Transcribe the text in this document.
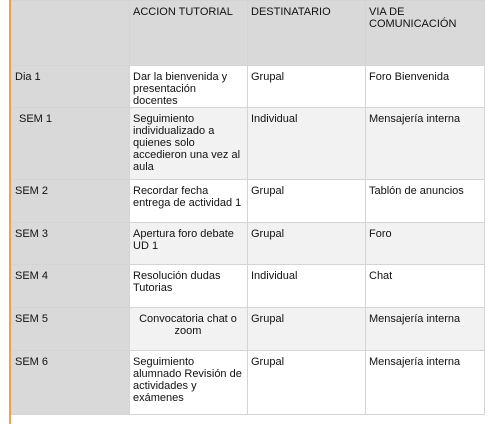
	ACCION TUTORIAL	DESTINATARIO	VIA DE COMUNICACIÓN
Dia 1	Dar la bienvenida y presentación docentes	Grupal	Foro Bienvenida
SEM 1	Seguimiento individualizado a quienes solo accedieron una vez al aula	Individual	Mensajería interna
SEM 2	Recordar fecha entrega de actividad 1	Grupal	Tablón de anuncios
SEM 3	Apertura foro debate UD 1	Grupal	Foro
SEM 4	Resolución dudas Tutorias	Individual	Chat
SEM 5	Convocatoria chat o zoom	Grupal	Mensajería interna
SEM 6	Seguimiento alumnado Revisión de actividades y exámenes	Grupal	Mensajería interna
